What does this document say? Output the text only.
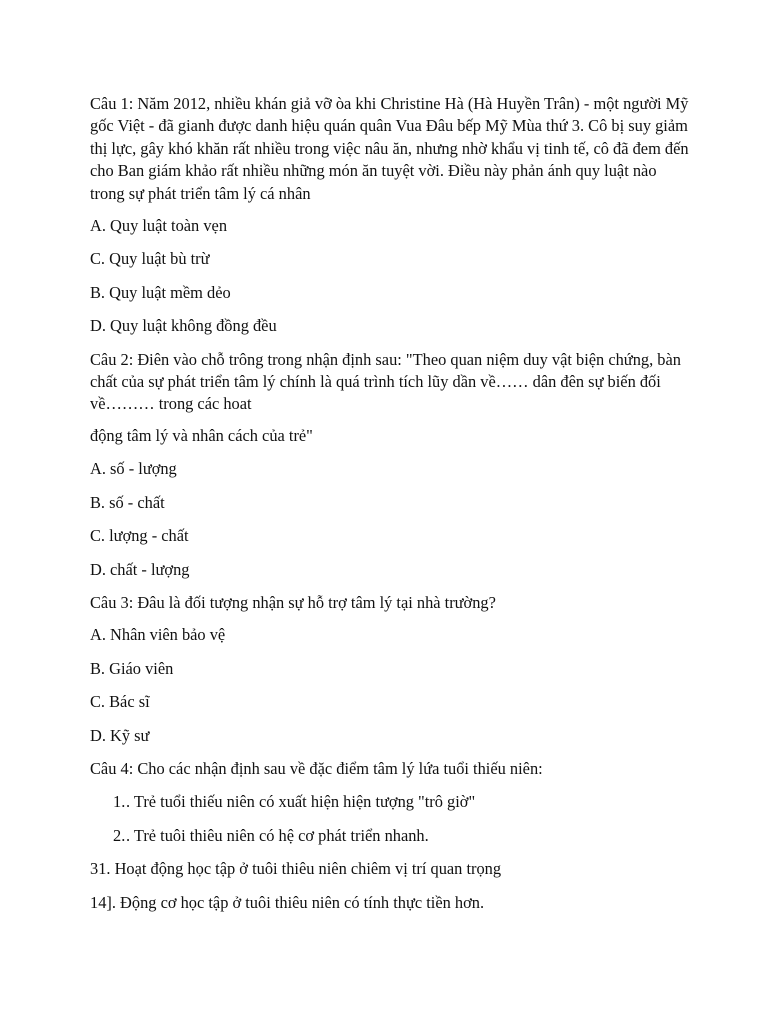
Câu 1: Năm 2012, nhiều khán giả vỡ òa khi Christine Hà (Hà Huyền Trân) - một người Mỹ gốc Việt - đã gianh được danh hiệu quán quân Vua Đâu bếp Mỹ Mùa thứ 3. Cô bị suy giảm thị lực, gây khó khăn rất nhiều trong việc nâu ăn, nhưng nhờ khẩu vị tinh tế, cô đã đem đến cho Ban giám khảo rất nhiều những món ăn tuyệt vời. Điều này phản ánh quy luật nào trong sự phát triển tâm lý cá nhân

A. Quy luật toàn vẹn

C. Quy luật bù trừ

B. Quy luật mềm dẻo

D. Quy luật không đồng đều

Câu 2: Điên vào chỗ trông trong nhận định sau: "Theo quan niệm duy vật biện chứng, bàn chất của sự phát triển tâm lý chính là quá trình tích lũy dần về…… dân đên sự biến đối về……… trong các hoat

động tâm lý và nhân cách của trẻ"

A. số - lượng

B. số - chất

C. lượng - chất

D. chất - lượng

Câu 3: Đâu là đối tượng nhận sự hỗ trợ tâm lý tại nhà trường?

A. Nhân viên bảo vệ

B. Giáo viên

C. Bác sĩ

D. Kỹ sư

Câu 4: Cho các nhận định sau về đặc điểm tâm lý lứa tuổi thiếu niên:

1. . Trẻ tuổi thiếu niên có xuất hiện hiện tượng "trô giờ"
2. . Trẻ tuôi thiêu niên có hệ cơ phát triển nhanh.

31. Hoạt động học tập ở tuôi thiêu niên chiêm vị trí quan trọng

14]. Động cơ học tập ở tuôi thiêu niên có tính thực tiền hơn.
